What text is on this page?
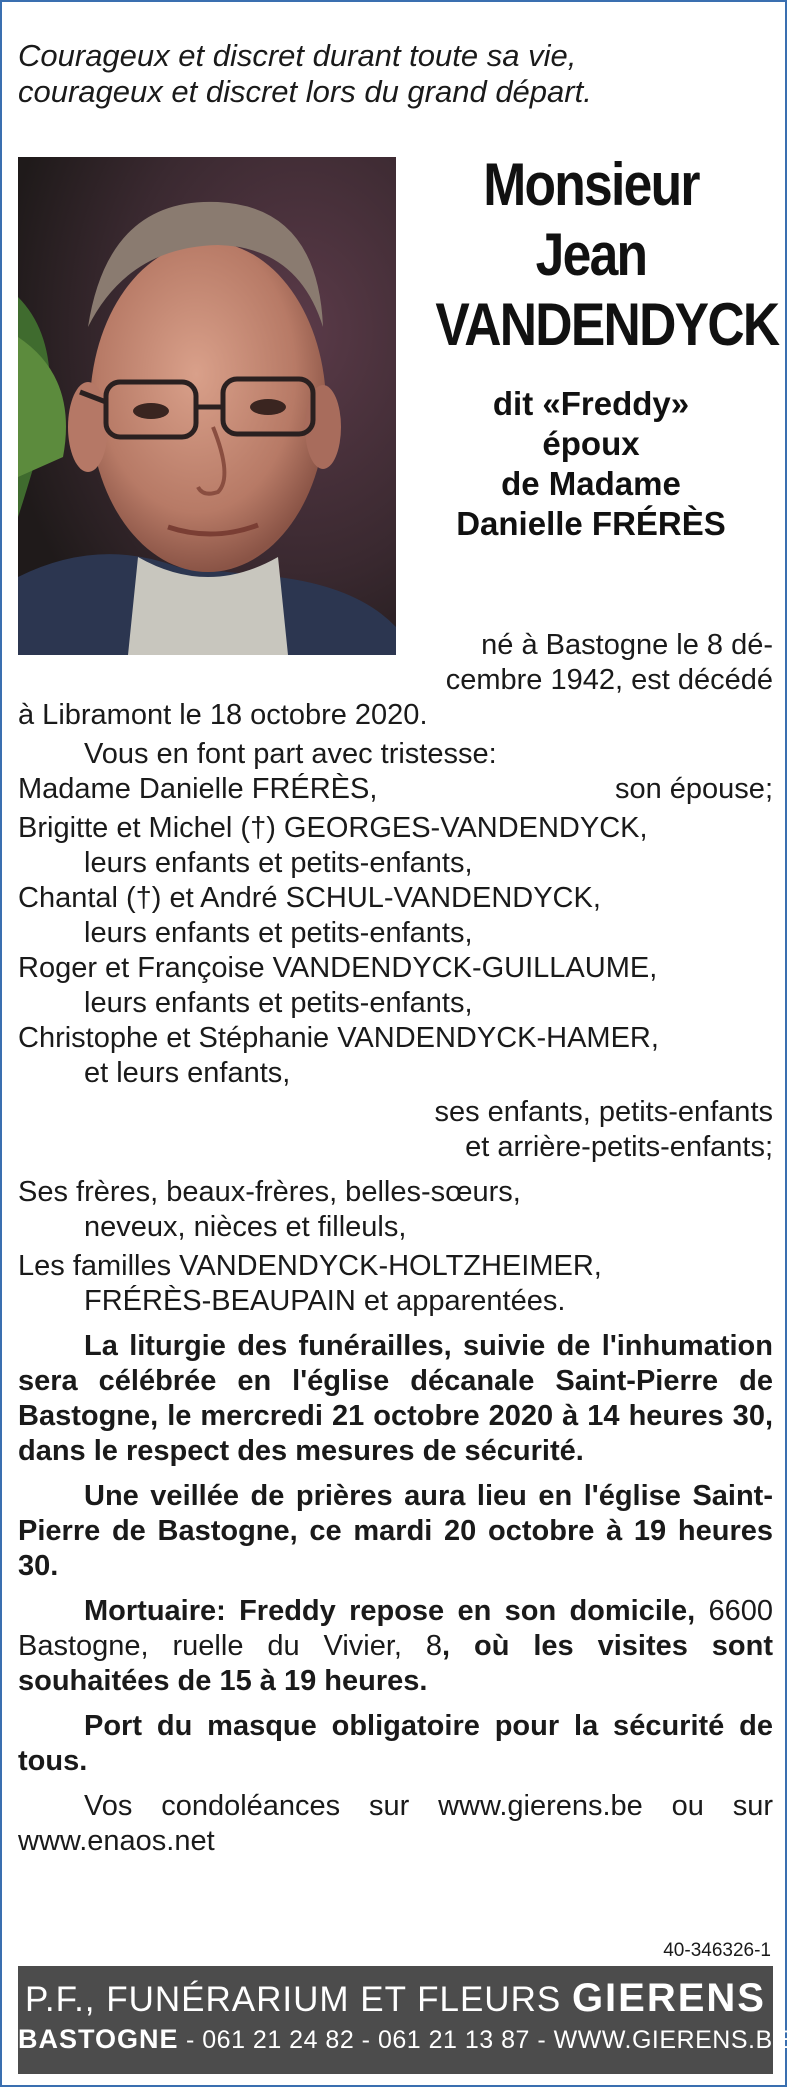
Courageux et discret durant toute sa vie,
courageux et discret lors du grand départ.
Monsieur
Jean
VANDENDYCK
dit «Freddy»
époux
de Madame
Danielle FRÉRÈS
né à Bastogne le 8 dé-
cembre 1942, est décédé
à Libramont le 18 octobre 2020.
Vous en font part avec tristesse:
Madame Danielle FRÉRÈS,	son épouse;
Brigitte et Michel (†) GEORGES-VANDENDYCK,
leurs enfants et petits-enfants,
Chantal (†) et André SCHUL-VANDENDYCK,
leurs enfants et petits-enfants,
Roger et Françoise VANDENDYCK-GUILLAUME,
leurs enfants et petits-enfants,
Christophe et Stéphanie VANDENDYCK-HAMER,
et leurs enfants,
ses enfants, petits-enfants
et arrière-petits-enfants;
Ses frères, beaux-frères, belles-sœurs,
neveux, nièces et filleuls,
Les familles VANDENDYCK-HOLTZHEIMER,
FRÉRÈS-BEAUPAIN et apparentées.
La liturgie des funérailles, suivie de l'inhumation sera célébrée en l'église décanale Saint-Pierre de Bastogne, le mercredi 21 octobre 2020 à 14 heures 30, dans le respect des mesures de sécurité.
Une veillée de prières aura lieu en l'église Saint-Pierre de Bastogne, ce mardi 20 octobre à 19 heures 30.
Mortuaire: Freddy repose en son domicile, 6600 Bastogne, ruelle du Vivier, 8, où les visites sont souhaitées de 15 à 19 heures.
Port du masque obligatoire pour la sécurité de tous.
Vos condoléances sur www.gierens.be ou sur www.enaos.net
40-346326-1
P.F., FUNÉRARIUM ET FLEURS GIERENS
BASTOGNE - 061 21 24 82 - 061 21 13 87 - WWW.GIERENS.BE
